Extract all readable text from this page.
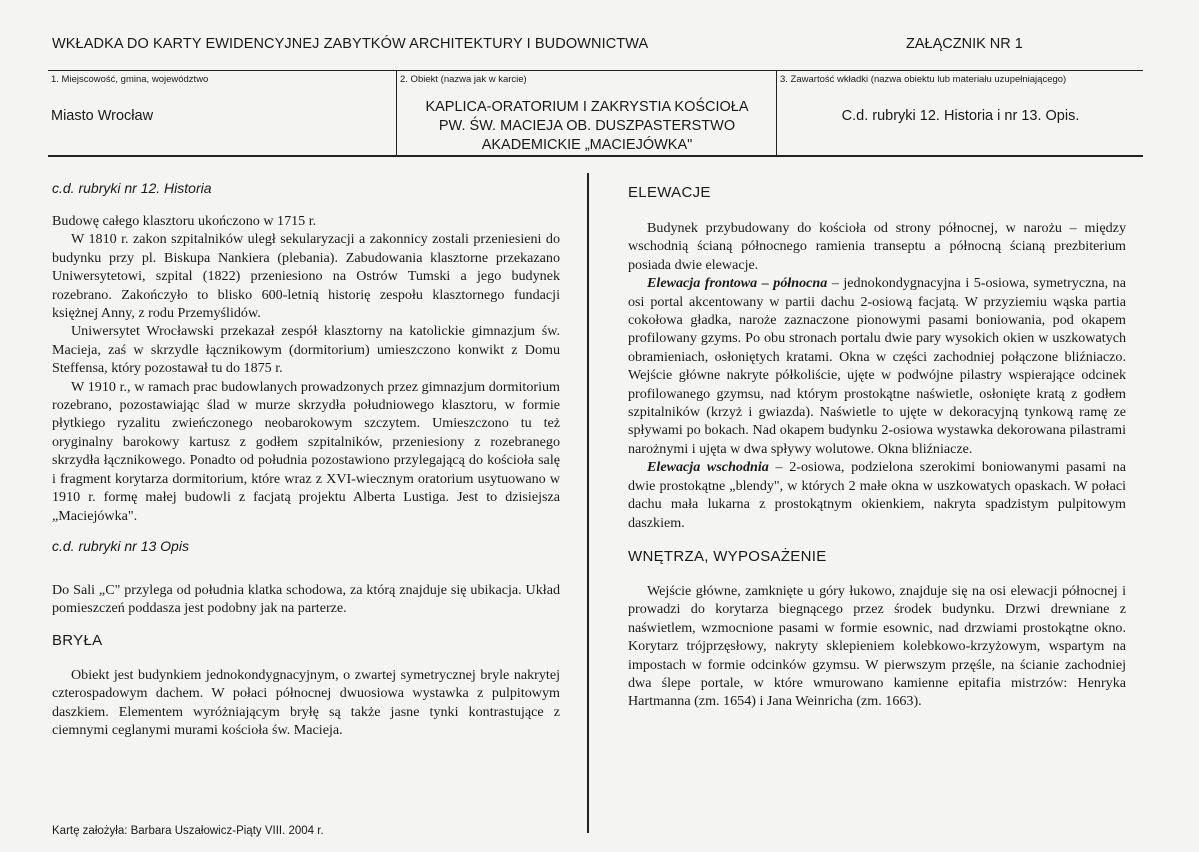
WKŁADKA DO KARTY EWIDENCYJNEJ ZABYTKÓW ARCHITEKTURY I BUDOWNICTWA	ZAŁĄCZNIK NR 1
1. Miejscowość, gmina, województwo
Miasto Wrocław
2. Obiekt (nazwa jak w karcie)
KAPLICA-ORATORIUM I ZAKRYSTIA KOŚCIOŁA
PW. ŚW. MACIEJA OB. DUSZPASTERSTWO
AKADEMICKIE „MACIEJÓWKA"
3. Zawartość wkładki (nazwa obiektu lub materiału uzupełniającego)
C.d. rubryki 12. Historia i nr 13. Opis.
c.d. rubryki nr 12. Historia

Budowę całego klasztoru ukończono w 1715 r.

W 1810 r. zakon szpitalników uległ sekularyzacji a zakonnicy zostali przeniesieni do budynku przy pl. Biskupa Nankiera (plebania). Zabudowania klasztorne przekazano Uniwersytetowi, szpital (1822) przeniesiono na Ostrów Tumski a jego budynek rozebrano. Zakończyło to blisko 600-letnią historię zespołu klasztornego fundacji księżnej Anny, z rodu Przemyślidów.

Uniwersytet Wrocławski przekazał zespół klasztorny na katolickie gimnazjum św. Macieja, zaś w skrzydle łącznikowym (dormitorium) umieszczono konwikt z Domu Steffensa, który pozostawał tu do 1875 r.

W 1910 r., w ramach prac budowlanych prowadzonych przez gimnazjum dormitorium rozebrano, pozostawiając ślad w murze skrzydła południowego klasztoru, w formie płytkiego ryzalitu zwieńczonego neobarokowym szczytem. Umieszczono tu też oryginalny barokowy kartusz z godłem szpitalników, przeniesiony z rozebranego skrzydła łącznikowego. Ponadto od południa pozostawiono przylegającą do kościoła salę i fragment korytarza dormitorium, które wraz z XVI-wiecznym oratorium usytuowano w 1910 r. formę małej budowli z facjatą projektu Alberta Lustiga. Jest to dzisiejsza „Maciejówka".

c.d. rubryki nr 13 Opis

Do Sali „C" przylega od południa klatka schodowa, za którą znajduje się ubikacja. Układ pomieszczeń poddasza jest podobny jak na parterze.

BRYŁA

Obiekt jest budynkiem jednokondygnacyjnym, o zwartej symetrycznej bryle nakrytej czterospadowym dachem. W połaci północnej dwuosiowa wystawka z pulpitowym daszkiem. Elementem wyróżniającym bryłę są także jasne tynki kontrastujące z ciemnymi ceglanymi murami kościoła św. Macieja.

ELEWACJE

Budynek przybudowany do kościoła od strony północnej, w narożu – między wschodnią ścianą północnego ramienia transeptu a północną ścianą prezbiterium posiada dwie elewacje.

Elewacja frontowa – północna – jednokondygnacyjna i 5-osiowa, symetryczna, na osi portal akcentowany w partii dachu 2-osiową facjatą. W przyziemiu wąska partia cokołowa gładka, naroże zaznaczone pionowymi pasami boniowania, pod okapem profilowany gzyms. Po obu stronach portalu dwie pary wysokich okien w uszkowatych obramieniach, osłoniętych kratami. Okna w części zachodniej połączone bliźniaczo. Wejście główne nakryte półkoliście, ujęte w podwójne pilastry wspierające odcinek profilowanego gzymsu, nad którym prostokątne naświetle, osłonięte kratą z godłem szpitalników (krzyż i gwiazda). Naświetle to ujęte w dekoracyjną tynkową ramę ze spływami po bokach. Nad okapem budynku 2-osiowa wystawka dekorowana pilastrami narożnymi i ujęta w dwa spływy wolutowe. Okna bliźniacze.

Elewacja wschodnia – 2-osiowa, podzielona szerokimi boniowanymi pasami na dwie prostokątne „blendy", w których 2 małe okna w uszkowatych opaskach. W połaci dachu mała lukarna z prostokątnym okienkiem, nakryta spadzistym pulpitowym daszkiem.

WNĘTRZA, WYPOSAŻENIE

Wejście główne, zamknięte u góry łukowo, znajduje się na osi elewacji północnej i prowadzi do korytarza biegnącego przez środek budynku. Drzwi drewniane z naświetlem, wzmocnione pasami w formie esownic, nad drzwiami prostokątne okno. Korytarz trójprzęsłowy, nakryty sklepieniem kolebkowo-krzyżowym, wspartym na impostach w formie odcinków gzymsu. W pierwszym przęśle, na ścianie zachodniej dwa ślepe portale, w które wmurowano kamienne epitafia mistrzów: Henryka Hartmanna (zm. 1654) i Jana Weinricha (zm. 1663).

Kartę założyła: Barbara Uszałowicz-Piąty VIII. 2004 r.
